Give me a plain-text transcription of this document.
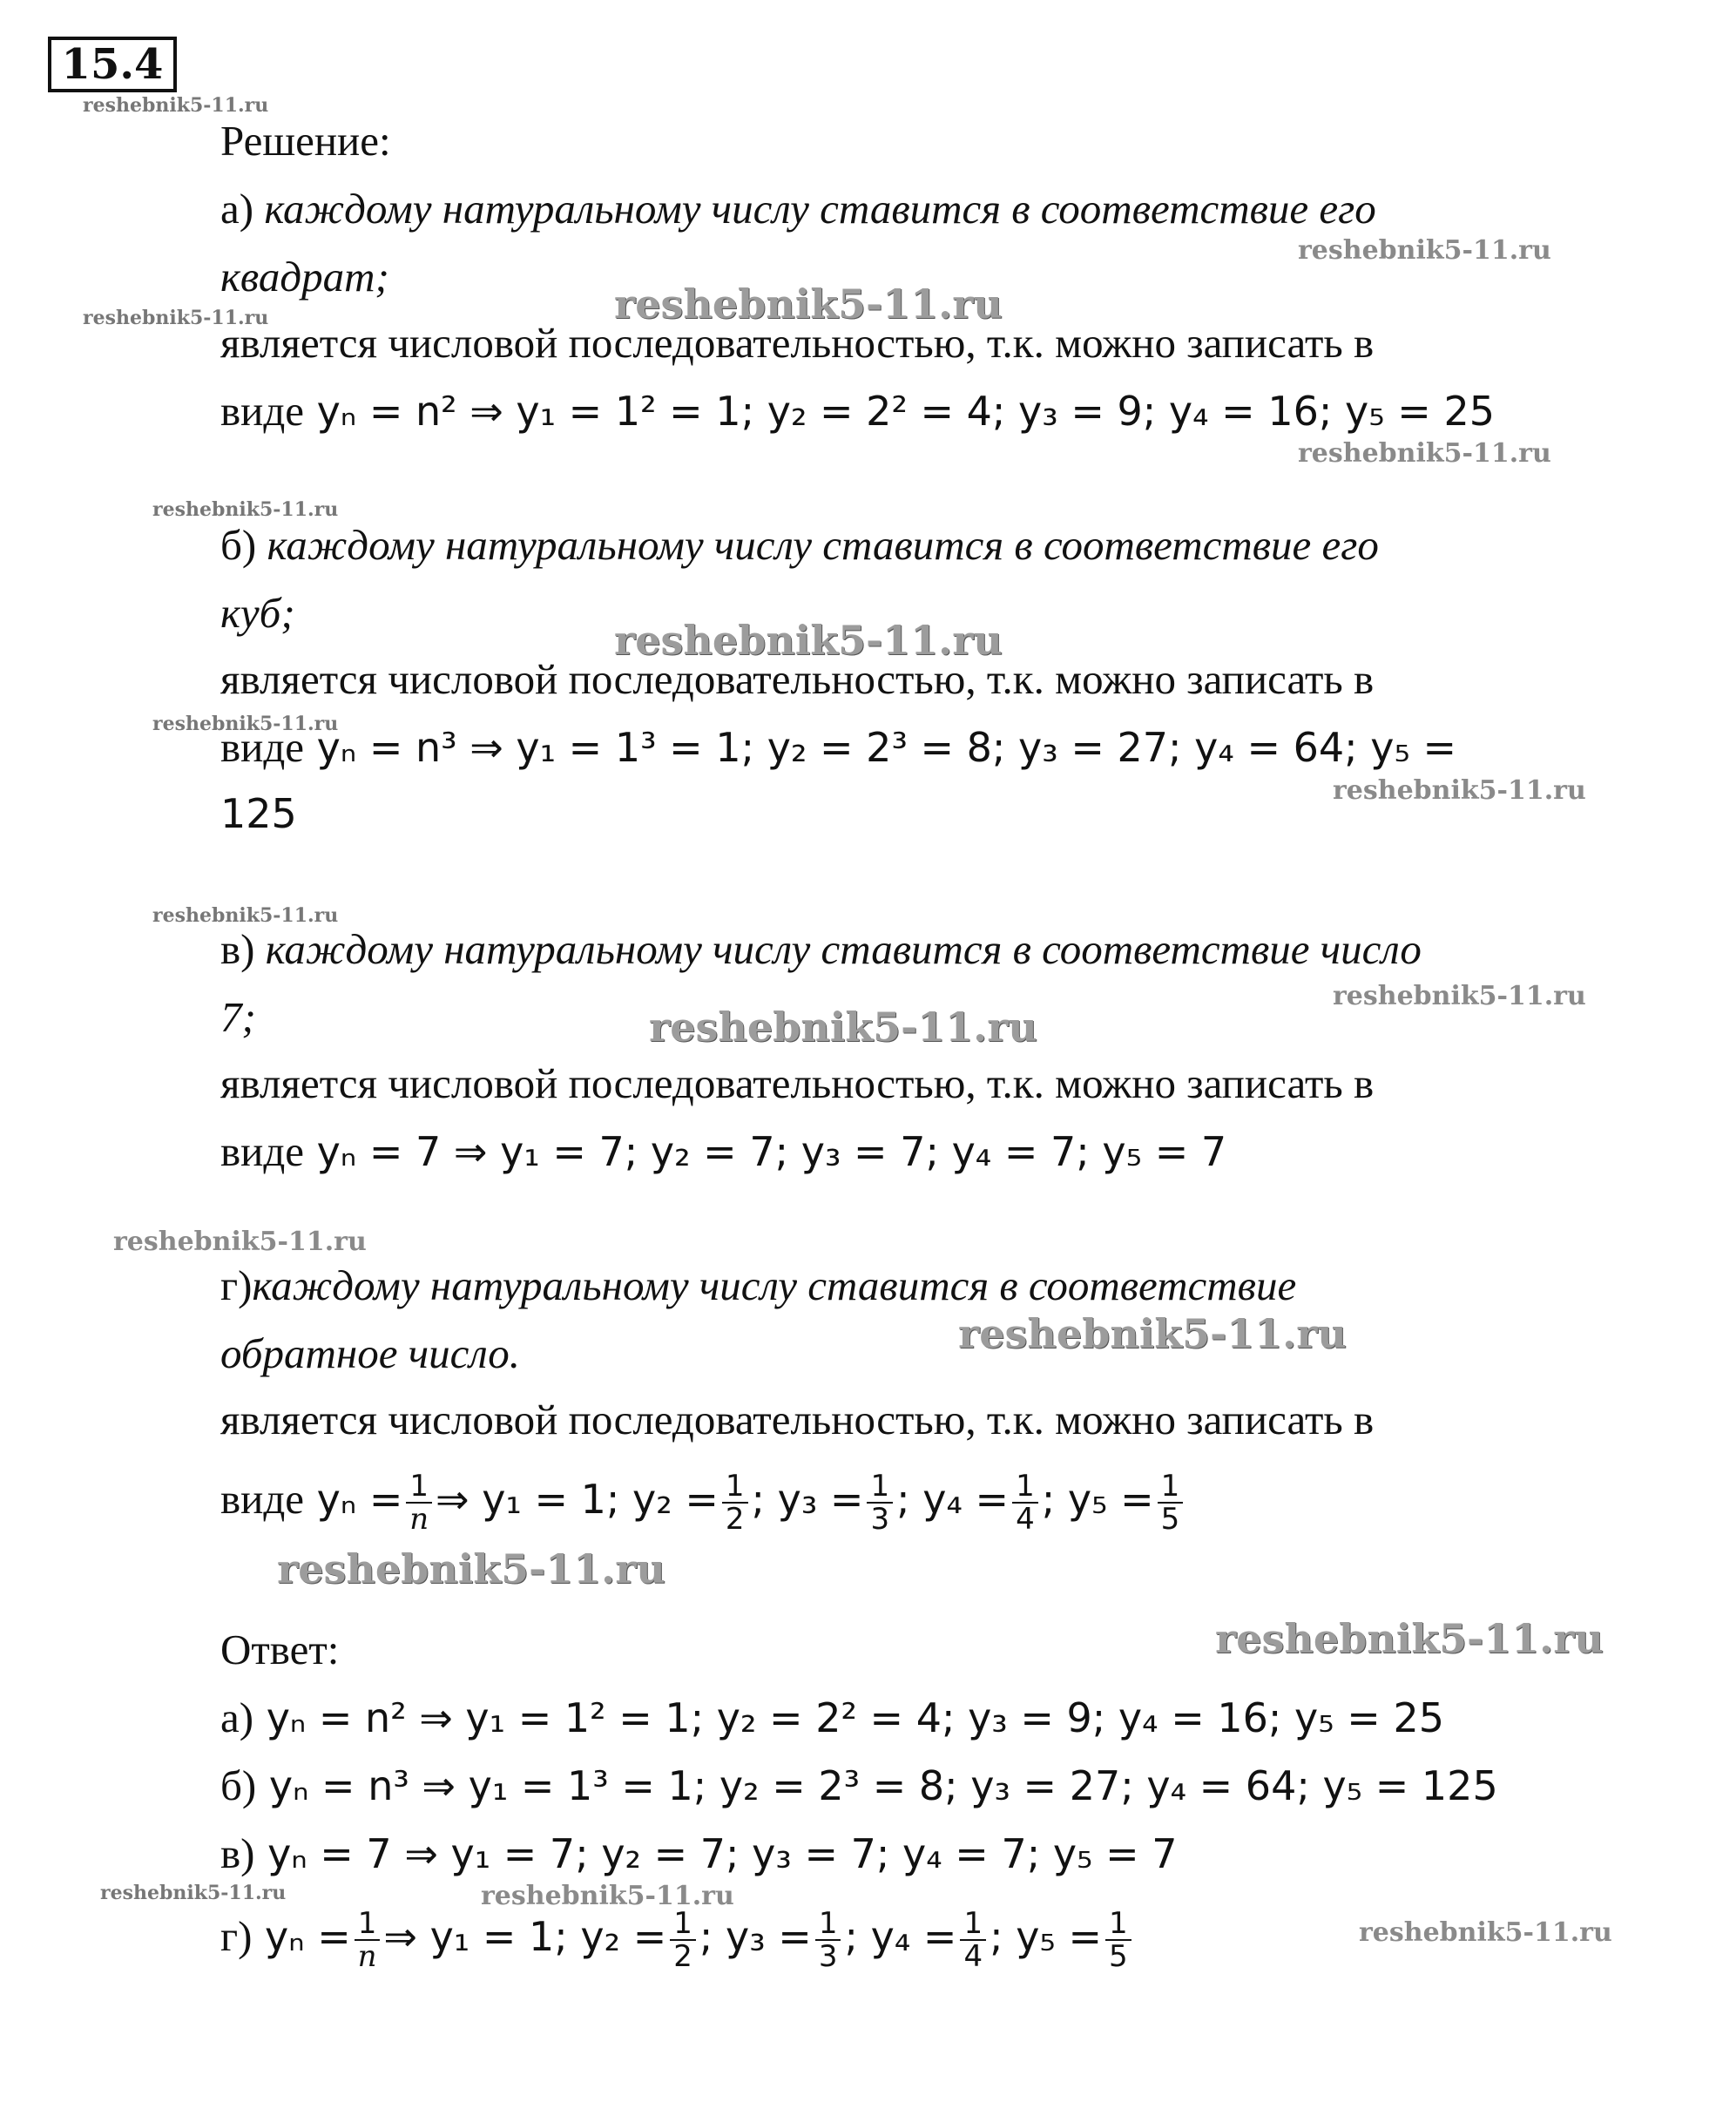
15.4
reshebnik5-11.ru
reshebnik5-11.ru
reshebnik5-11.ru
reshebnik5-11.ru
reshebnik5-11.ru
reshebnik5-11.ru
reshebnik5-11.ru
reshebnik5-11.ru
reshebnik5-11.ru
reshebnik5-11.ru
reshebnik5-11.ru
reshebnik5-11.ru
reshebnik5-11.ru
reshebnik5-11.ru
reshebnik5-11.ru
reshebnik5-11.ru
reshebnik5-11.ru	reshebnik5-11.ru
reshebnik5-11.ru
Решение:
а) каждому натуральному числу ставится в соответствие его
квадрат;
является числовой последовательностью, т.к. можно записать в
виде yₙ = n² ⇒ y₁ = 1² = 1; y₂ = 2² = 4; y₃ = 9; y₄ = 16; y₅ = 25
б) каждому натуральному числу ставится в соответствие его
куб;
является числовой последовательностью, т.к. можно записать в
виде yₙ = n³ ⇒ y₁ = 1³ = 1; y₂ = 2³ = 8; y₃ = 27; y₄ = 64; y₅ =
125
в) каждому натуральному числу ставится в соответствие число
7;
является числовой последовательностью, т.к. можно записать в
виде yₙ = 7 ⇒ y₁ = 7; y₂ = 7; y₃ = 7; y₄ = 7; y₅ = 7
г)каждому натуральному числу ставится в соответствие
обратное число.
является числовой последовательностью, т.к. можно записать в
виде $y_n = \frac{1}{n}$ ⇒ y₁ = 1; $y_2 = \frac{1}{2}$ ; $y_3 = \frac{1}{3}$ ; $y_4 = \frac{1}{4}$ ; $y_5 = \frac{1}{5}$
Ответ:
а) yₙ = n² ⇒ y₁ = 1² = 1; y₂ = 2² = 4; y₃ = 9; y₄ = 16; y₅ = 25
б) yₙ = n³ ⇒ y₁ = 1³ = 1; y₂ = 2³ = 8; y₃ = 27; y₄ = 64; y₅ = 125
в) yₙ = 7 ⇒ y₁ = 7; y₂ = 7; y₃ = 7; y₄ = 7; y₅ = 7
г) $y_n = \frac{1}{n}$ ⇒ y₁ = 1; $y_2 = \frac{1}{2}$ ; $y_3 = \frac{1}{3}$ ; $y_4 = \frac{1}{4}$ ; $y_5 = \frac{1}{5}$
